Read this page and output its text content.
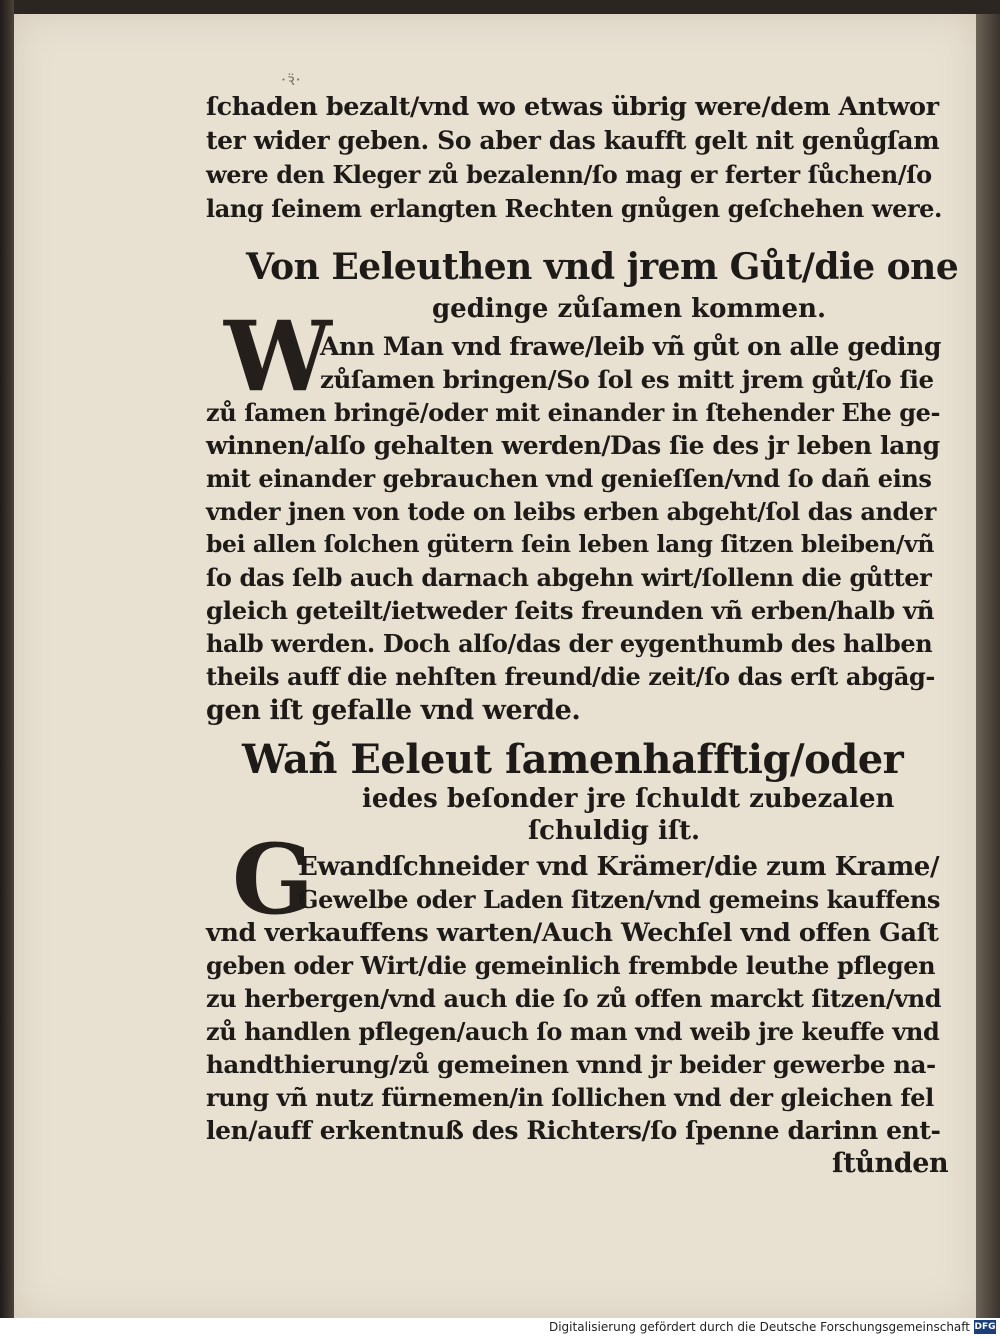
·ꝛ̈·
ſchaden bezalt/vnd wo etwas übrig were/dem Antwor
ter wider geben. So aber das kaufft gelt nit genůgſam
were den Kleger zů bezalenn/ſo mag er ferter ſůchen/ſo
lang ſeinem erlangten Rechten gnůgen geſchehen were.
Von Eeleuthen vnd jrem Gůt/die one
gedinge zůſamen kommen.
W
Ann Man vnd frawe/leib vñ gůt on alle geding
zůſamen bringen/So ſol es mitt jrem gůt/ſo ſie
zů ſamen bringē/oder mit einander in ſtehender Ehe ge-
winnen/alſo gehalten werden/Das ſie des jr leben lang
mit einander gebrauchen vnd genieſſen/vnd ſo dañ eins
vnder jnen von tode on leibs erben abgeht/ſol das ander
bei allen ſolchen gütern ſein leben lang ſitzen bleiben/vñ
ſo das ſelb auch darnach abgehn wirt/ſollenn die gůtter
gleich geteilt/ietweder ſeits freunden vñ erben/halb vñ
halb werden. Doch alſo/das der eygenthumb des halben
theils auff die nehſten freund/die zeit/ſo das erſt abgāg-
gen iſt gefalle vnd werde.
Wañ Eeleut ſamenhafftig/oder
iedes beſonder jre ſchuldt zubezalen
ſchuldig iſt.
G
Ewandſchneider vnd Krämer/die zum Krame/
Gewelbe oder Laden ſitzen/vnd gemeins kauffens
vnd verkauffens warten/Auch Wechſel vnd offen Gaſt
geben oder Wirt/die gemeinlich frembde leuthe pflegen
zu herbergen/vnd auch die ſo zů offen marckt ſitzen/vnd
zů handlen pflegen/auch ſo man vnd weib jre keuffe vnd
handthierung/zů gemeinen vnnd jr beider gewerbe na-
rung vñ nutz fürnemen/in ſollichen vnd der gleichen fel
len/auff erkentnuß des Richters/ſo ſpenne darinn ent-
ſtůnden
Digitalisierung gefördert durch die Deutsche Forschungsgemeinschaft DFG
